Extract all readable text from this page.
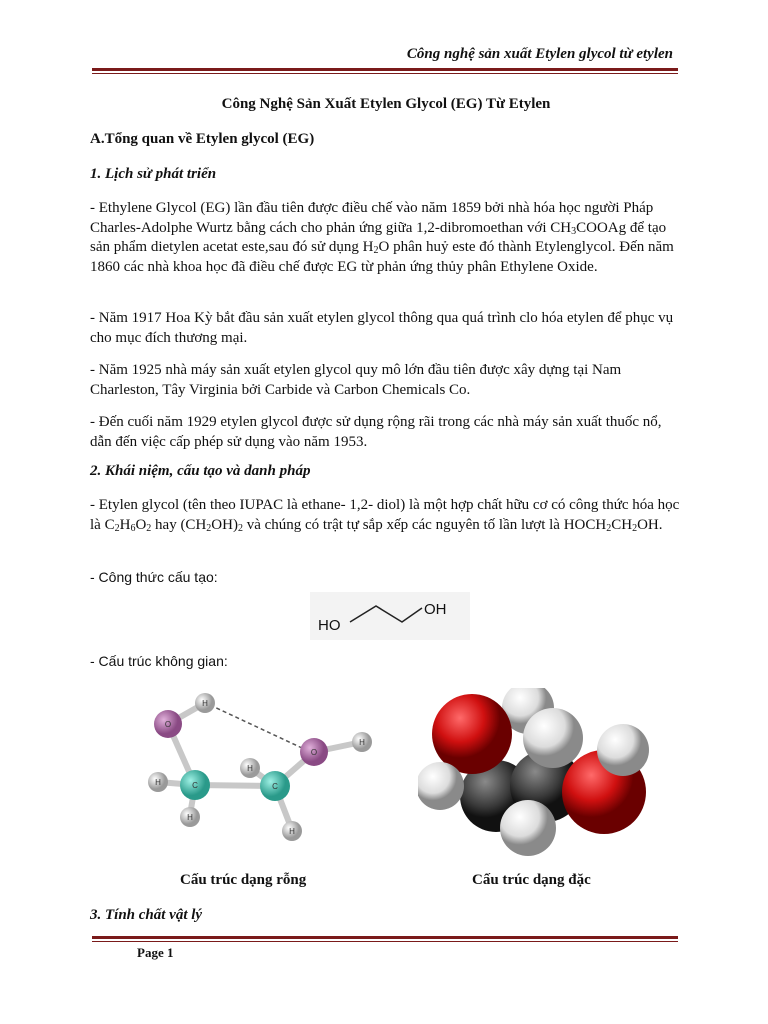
Công nghệ sản xuất Etylen glycol từ etylen
Công Nghệ Sản Xuất Etylen Glycol (EG) Từ Etylen
A.Tổng quan về Etylen glycol (EG)
1. Lịch sử phát triển
- Ethylene Glycol (EG) lần đầu tiên được điều chế vào năm 1859 bởi nhà hóa học người Pháp Charles-Adolphe Wurtz bằng cách cho phản ứng giữa 1,2-dibromoethan với $CH_3COOAg$ để tạo sản phẩm dietylen acetat este,sau đó sử dụng $H_2O$ phân huỷ este đó thành Etylenglycol. Đến năm 1860 các nhà khoa học đã điều chế được EG từ phản ứng thủy phân Ethylene Oxide.
- Năm 1917 Hoa Kỳ bắt đầu sản xuất etylen glycol thông qua quá trình clo hóa etylen để phục vụ cho mục đích thương mại.
- Năm 1925 nhà máy sản xuất etylen glycol quy mô lớn đầu tiên được xây dựng tại Nam Charleston, Tây Virginia bởi Carbide và Carbon Chemicals Co.
- Đến cuối năm 1929 etylen glycol được sử dụng rộng rãi trong các nhà máy sản xuất thuốc nổ, dẫn đến việc cấp phép sử dụng vào năm 1953.
2. Khái niệm, cấu tạo và danh pháp
- Etylen glycol (tên theo IUPAC là ethane- 1,2- diol) là một hợp chất hữu cơ có công thức hóa học là $C_2H_6O_2$ hay $(CH_2OH)_2$ và chúng có trật tự sắp xếp các nguyên tố lần lượt là $HOCH_2CH_2OH$.
- Công thức cấu tạo:
HO
OH
- Cấu trúc không gian:
O
O
C	C
H
H
H
H
H
H
Cấu trúc dạng rỗng	Cấu trúc dạng đặc
3. Tính chất vật lý
Page 1
